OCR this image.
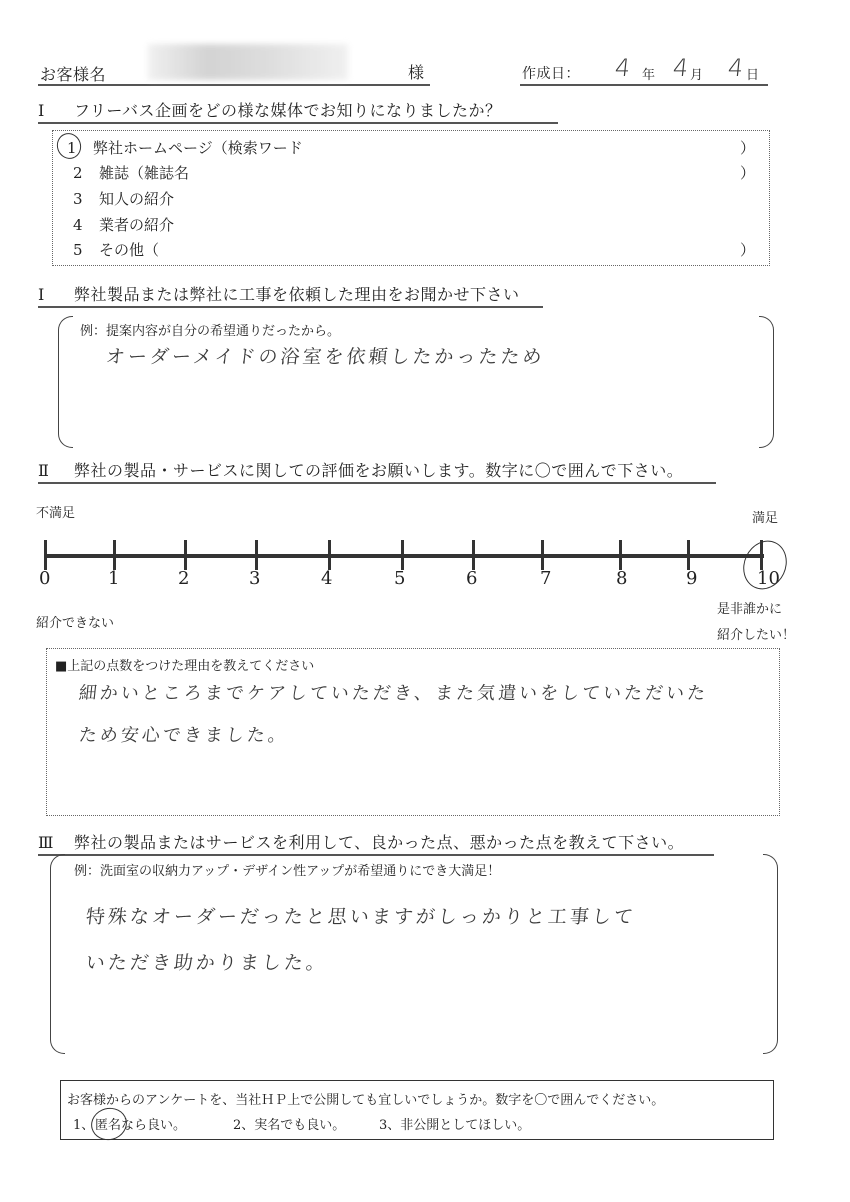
お客様名	様	作成日： 4 年 4
月 4
日
Ⅰ フリーバス企画をどの様な媒体でお知りになりましたか？
1 弊社ホームページ（検索ワード	）
2 雑誌（雑誌名	）
3 知人の紹介
4 業者の紹介
5 その他（	）
Ⅰ 弊社製品または弊社に工事を依頼した理由をお聞かせ下さい
例：提案内容が自分の希望通りだったから。
オーダーメイドの浴室を依頼したかったため
Ⅱ 弊社の製品・サービスに関しての評価をお願いします。数字に〇で囲んで下さい。
不満足	満足
0	1	2	3	4	5	6	7	8	9	10
紹介できない
是非誰かに
紹介したい！
■上記の点数をつけた理由を教えてください
細かいところまでケアしていただき、また気遣いをしていただいた
ため安心できました。
Ⅲ 弊社の製品またはサービスを利用して、良かった点、悪かった点を教えて下さい。
例：洗面室の収納力アップ・デザイン性アップが希望通りにでき大満足！
特殊なオーダーだったと思いますがしっかりと工事して
いただき助かりました。
お客様からのアンケートを、当社ＨＰ上で公開しても宜しいでしょうか。数字を〇で囲んでください。
1、 匿名なら良い。	2、実名でも良い。	3、非公開としてほしい。
